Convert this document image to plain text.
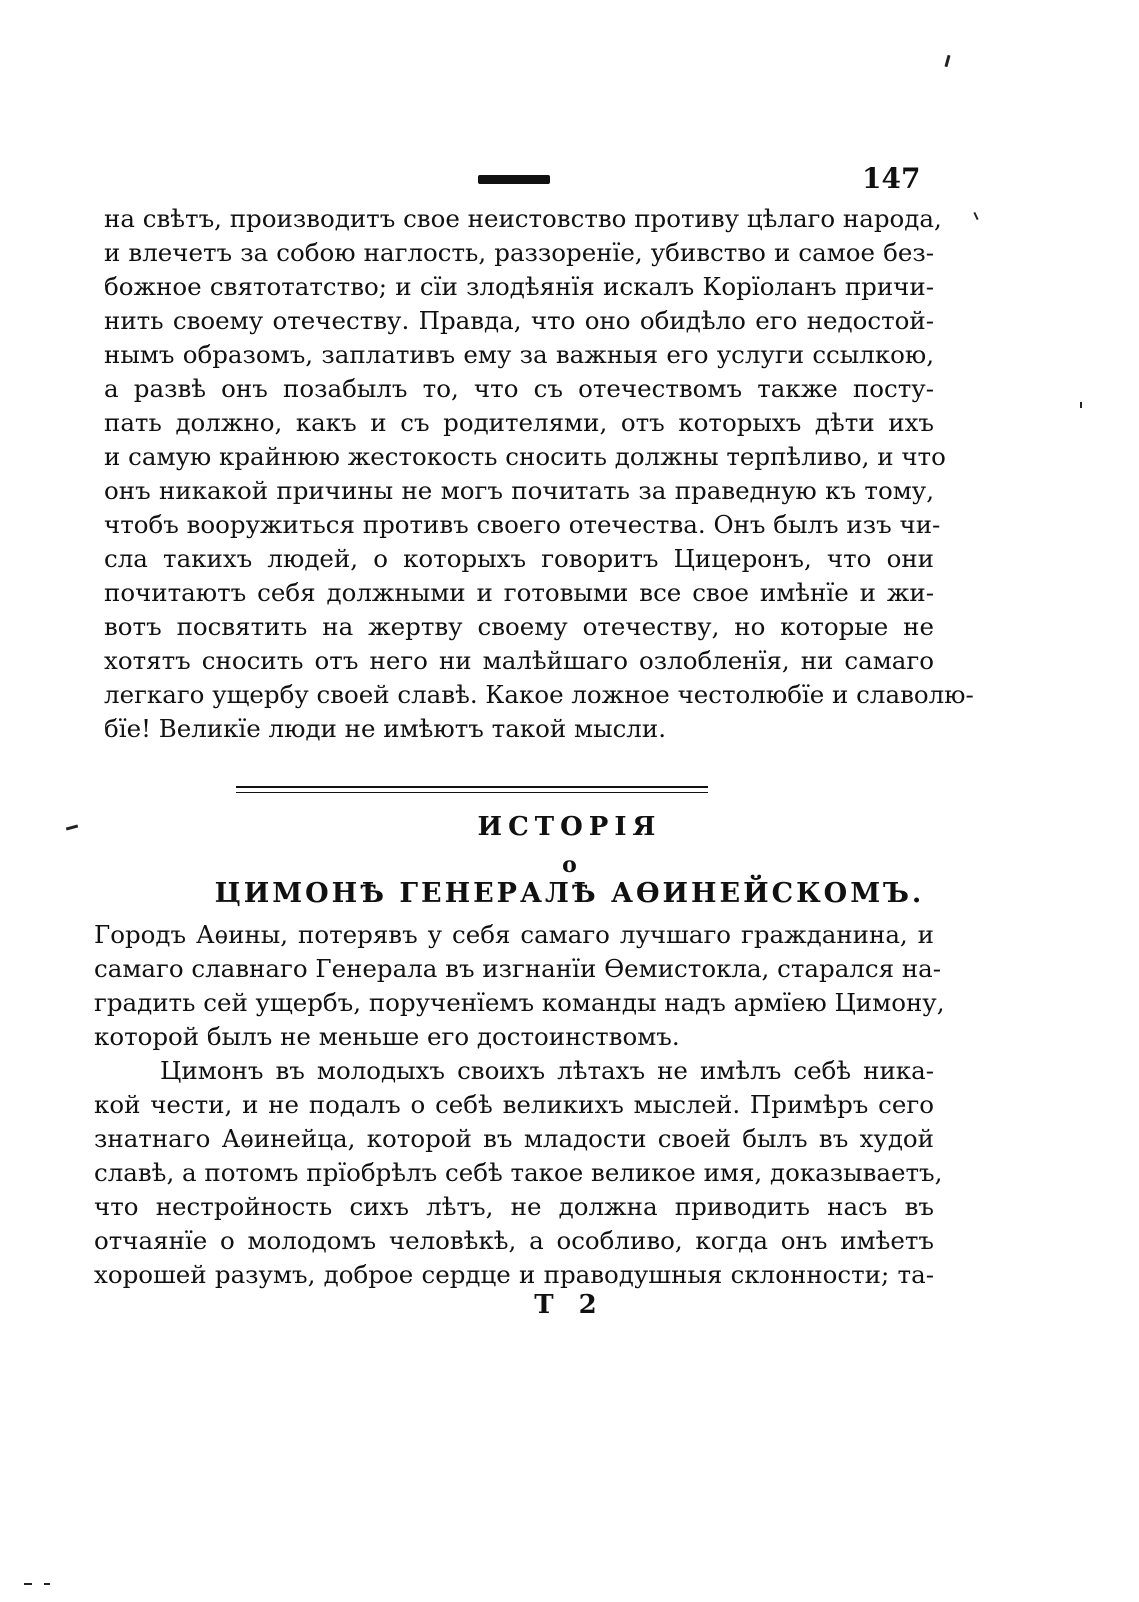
147
на свѣтъ, производитъ свое неистовство противу цѣлаго народа,
и влечетъ за собою наглость, раззоренїе, убивство и самое без-
божное святотатство; и сїи злодѣянїя искалъ Корїоланъ причи-
нить своему отечеству. Правда, что оно обидѣло его недостой-
нымъ образомъ, заплативъ ему за важныя его услуги ссылкою,
а развѣ онъ позабылъ то, что съ отечествомъ также посту-
пать должно, какъ и съ родителями, отъ которыхъ дѣти ихъ
и самую крайнюю жестокость сносить должны терпѣливо, и что
онъ никакой причины не могъ почитать за праведную къ тому,
чтобъ вооружиться противъ своего отечества. Онъ былъ изъ чи-
сла такихъ людей, о которыхъ говоритъ Цицеронъ, что они
почитаютъ себя должными и готовыми все свое имѣнїе и жи-
вотъ посвятить на жертву своему отечеству, но которые не
хотятъ сносить отъ него ни малѣйшаго озлобленїя, ни самаго
легкаго ущербу своей славѣ. Какое ложное честолюбїе и славолю-
бїе! Великїе люди не имѣютъ такой мысли.
ИСТОРIЯ
о
ЦИМОНѢ ГЕНЕРАЛѢ АѲИНЕЙСКОМЪ.
Городъ Аѳины, потерявъ у себя самаго лучшаго гражданина, и
самаго славнаго Генерала въ изгнанїи Ѳемистокла, старался на-
градить сей ущербъ, порученїемъ команды надъ армїею Цимону,
которой былъ не меньше его достоинствомъ.
Цимонъ въ молодыхъ своихъ лѣтахъ не имѣлъ себѣ ника-
кой чести, и не подалъ о себѣ великихъ мыслей. Примѣръ сего
знатнаго Аѳинейца, которой въ младости своей былъ въ худой
славѣ, а потомъ прїобрѣлъ себѣ такое великое имя, доказываетъ,
что нестройность сихъ лѣтъ, не должна приводить насъ въ
отчаянїе о молодомъ человѣкѣ, а особливо, когда онъ имѣетъ
хорошей разумъ, доброе сердце и праводушныя склонности; та-
Т 2
